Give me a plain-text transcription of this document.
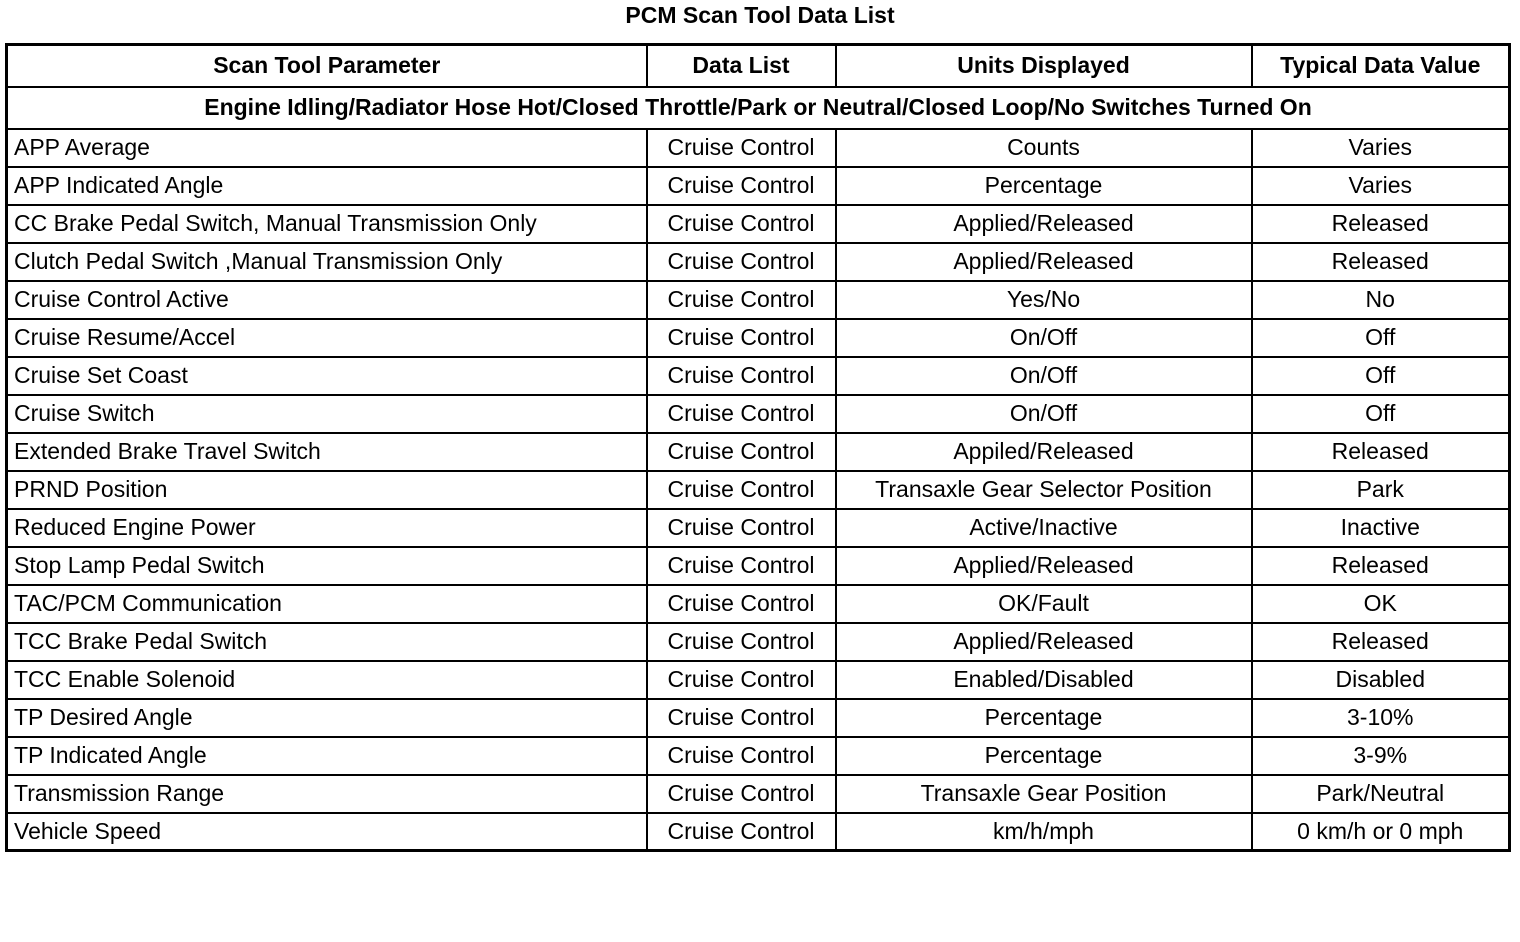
PCM Scan Tool Data List
Scan Tool Parameter	Data List	Units Displayed	Typical Data Value
Engine Idling/Radiator Hose Hot/Closed Throttle/Park or Neutral/Closed Loop/No Switches Turned On			
APP Average	Cruise Control	Counts	Varies
APP Indicated Angle	Cruise Control	Percentage	Varies
CC Brake Pedal Switch, Manual Transmission Only	Cruise Control	Applied/Released	Released
Clutch Pedal Switch ,Manual Transmission Only	Cruise Control	Applied/Released	Released
Cruise Control Active	Cruise Control	Yes/No	No
Cruise Resume/Accel	Cruise Control	On/Off	Off
Cruise Set Coast	Cruise Control	On/Off	Off
Cruise Switch	Cruise Control	On/Off	Off
Extended Brake Travel Switch	Cruise Control	Appiled/Released	Released
PRND Position	Cruise Control	Transaxle Gear Selector Position	Park
Reduced Engine Power	Cruise Control	Active/Inactive	Inactive
Stop Lamp Pedal Switch	Cruise Control	Applied/Released	Released
TAC/PCM Communication	Cruise Control	OK/Fault	OK
TCC Brake Pedal Switch	Cruise Control	Applied/Released	Released
TCC Enable Solenoid	Cruise Control	Enabled/Disabled	Disabled
TP Desired Angle	Cruise Control	Percentage	3-10%
TP Indicated Angle	Cruise Control	Percentage	3-9%
Transmission Range	Cruise Control	Transaxle Gear Position	Park/Neutral
Vehicle Speed	Cruise Control	km/h/mph	0 km/h or 0 mph
